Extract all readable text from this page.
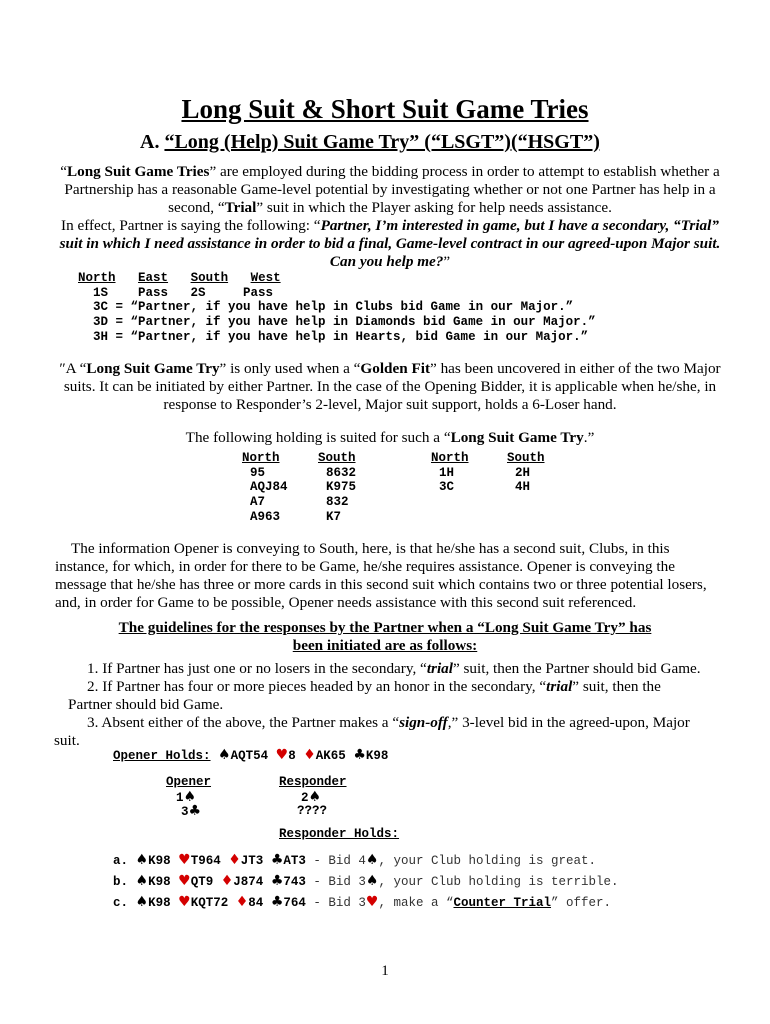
Long Suit & Short Suit Game Tries
A. “Long (Help) Suit Game Try” (“LSGT”)(“HSGT”)
“Long Suit Game Tries” are employed during the bidding process in order to attempt to establish whether a Partnership has a reasonable Game-level potential by investigating whether or not one Partner has help in a second, “Trial” suit in which the Player asking for help needs assistance.
In effect, Partner is saying the following: “Partner, I’m interested in game, but I have a secondary, “Trial” suit in which I need assistance in order to bid a final, Game-level contract in our agreed-upon Major suit. Can you help me?”
North East South West
1S    Pass   2S     Pass
3C = “Partner, if you have help in Clubs bid Game in our Major.”
3D = “Partner, if you have help in Diamonds bid Game in our Major.”
3H = “Partner, if you have help in Hearts, bid Game in our Major.”
″A “Long Suit Game Try” is only used when a “Golden Fit” has been uncovered in either of the two Major suits. It can be initiated by either Partner. In the case of the Opening Bidder, it is applicable when he/she, in response to Responder’s 2-level, Major suit support, holds a 6-Loser hand.
The following holding is suited for such a “Long Suit Game Try.”
North
95
AQJ84
A7
A963
South
8632
K975
832
K7
North
1H
3C
South
2H
4H
The information Opener is conveying to South, here, is that he/she has a second suit, Clubs, in this instance, for which, in order for there to be Game, he/she requires assistance. Opener is conveying the message that he/she has three or more cards in this second suit which contains two or three potential losers, and, in order for Game to be possible, Opener needs assistance with this second suit referenced.
The guidelines for the responses by the Partner when a “Long Suit Game Try” has
been initiated are as follows:
1. If Partner has just one or no losers in the secondary, “trial” suit, then the Partner should bid Game.
2. If Partner has four or more pieces headed by an honor in the secondary, “trial” suit, then the
Partner should bid Game.
3. Absent either of the above, the Partner makes a “sign-off,” 3-level bid in the agreed-upon, Major
suit.
Opener Holds: ♠AQT54 ♥8 ♦AK65 ♣K98
Opener
1♠
3♣
Responder
2♠
????
Responder Holds:
a. ♠K98 ♥T964 ♦JT3 ♣AT3 - Bid 4♠, your Club holding is great.
b. ♠K98 ♥QT9 ♦J874 ♣743 - Bid 3♠, your Club holding is terrible.
c. ♠K98 ♥KQT72 ♦84 ♣764 - Bid 3♥, make a “Counter Trial” offer.
1
